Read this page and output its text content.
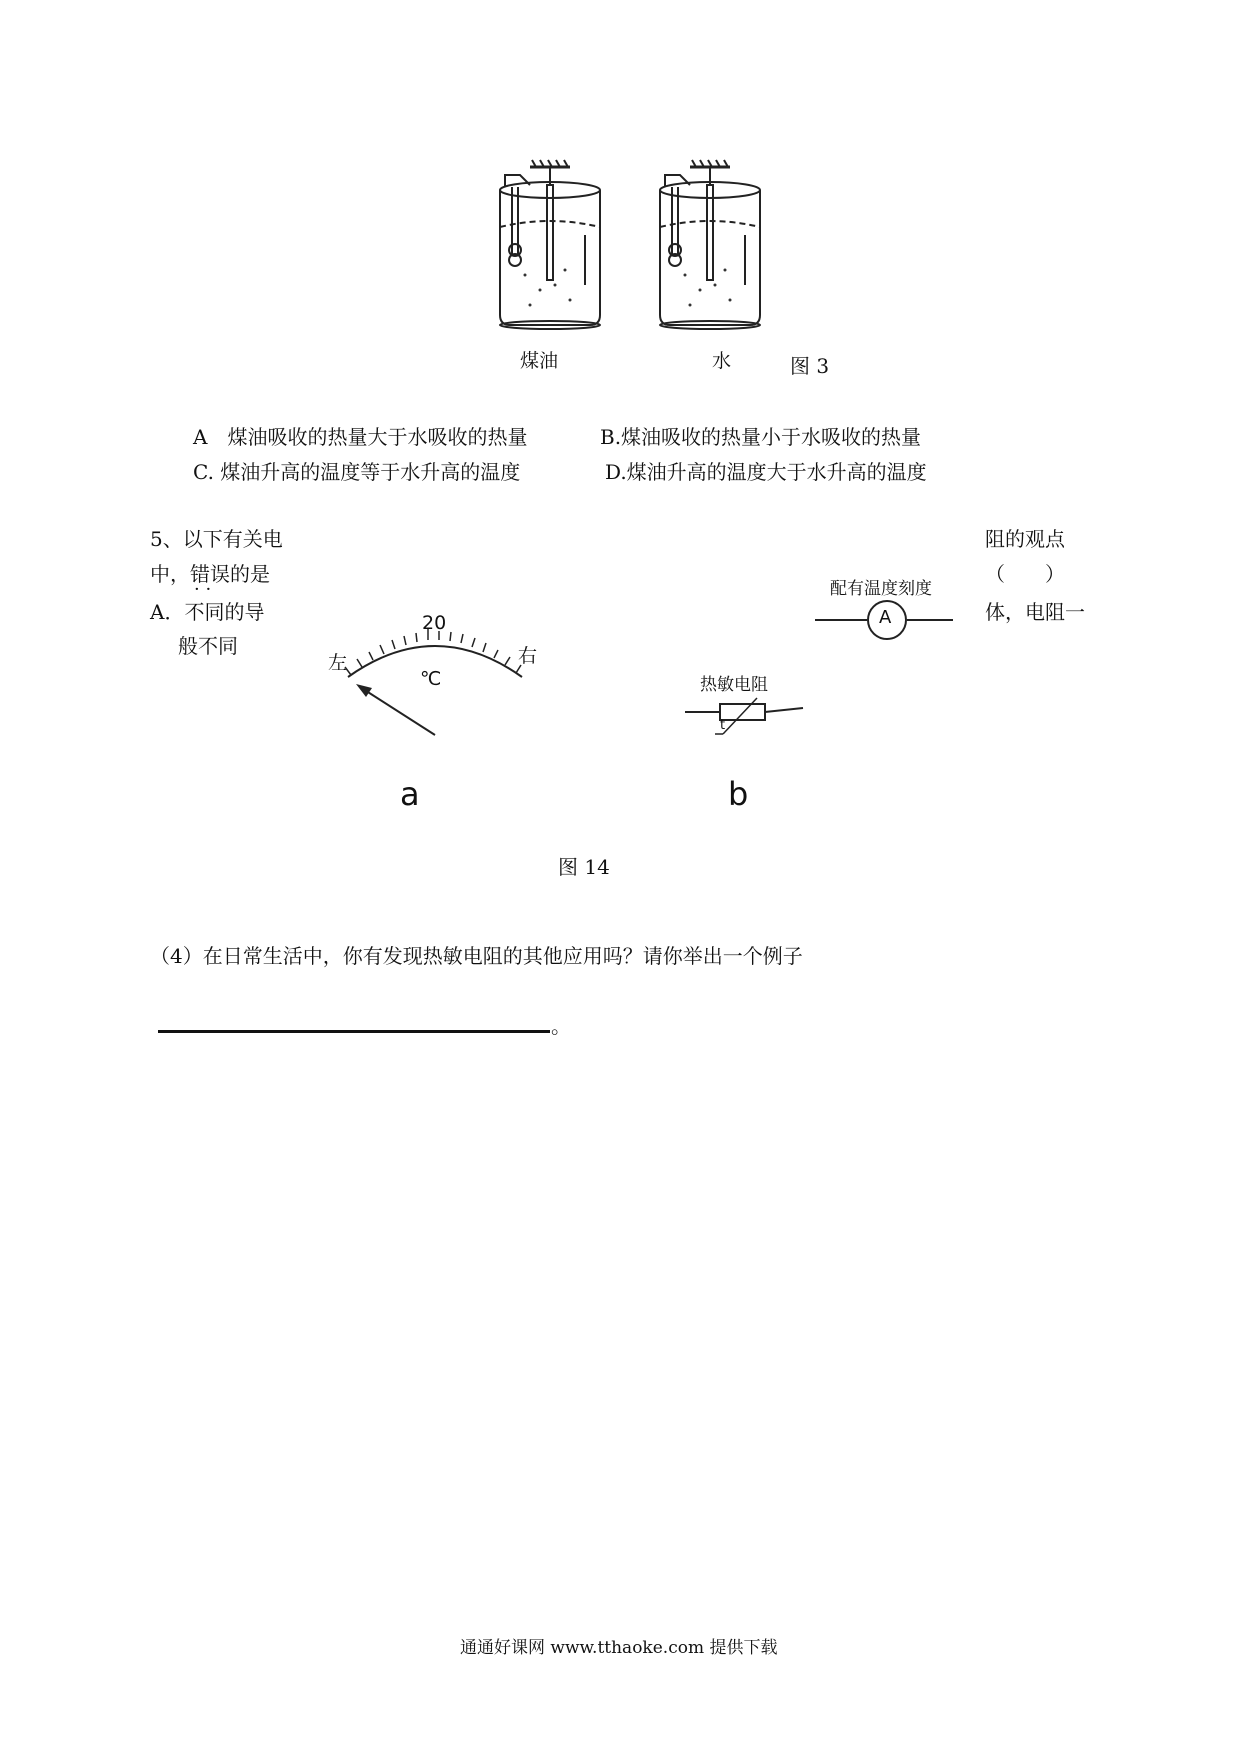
煤油	水	图 3
A　煤油吸收的热量大于水吸收的热量	B.煤油吸收的热量小于水吸收的热量
C. 煤油升高的温度等于水升高的温度	D.煤油升高的温度大于水升高的温度
5、以下有关电	阻的观点
中，错误 · ·的是	（　　）
A．不同的导	体，电阻一
般不同
20
左	右
℃
a
配有温度刻度
A
热敏电阻
t
b
图 14
（4）在日常生活中，你有发现热敏电阻的其他应用吗？请你举出一个例子
。
通通好课网 www.tthaoke.com 提供下载
